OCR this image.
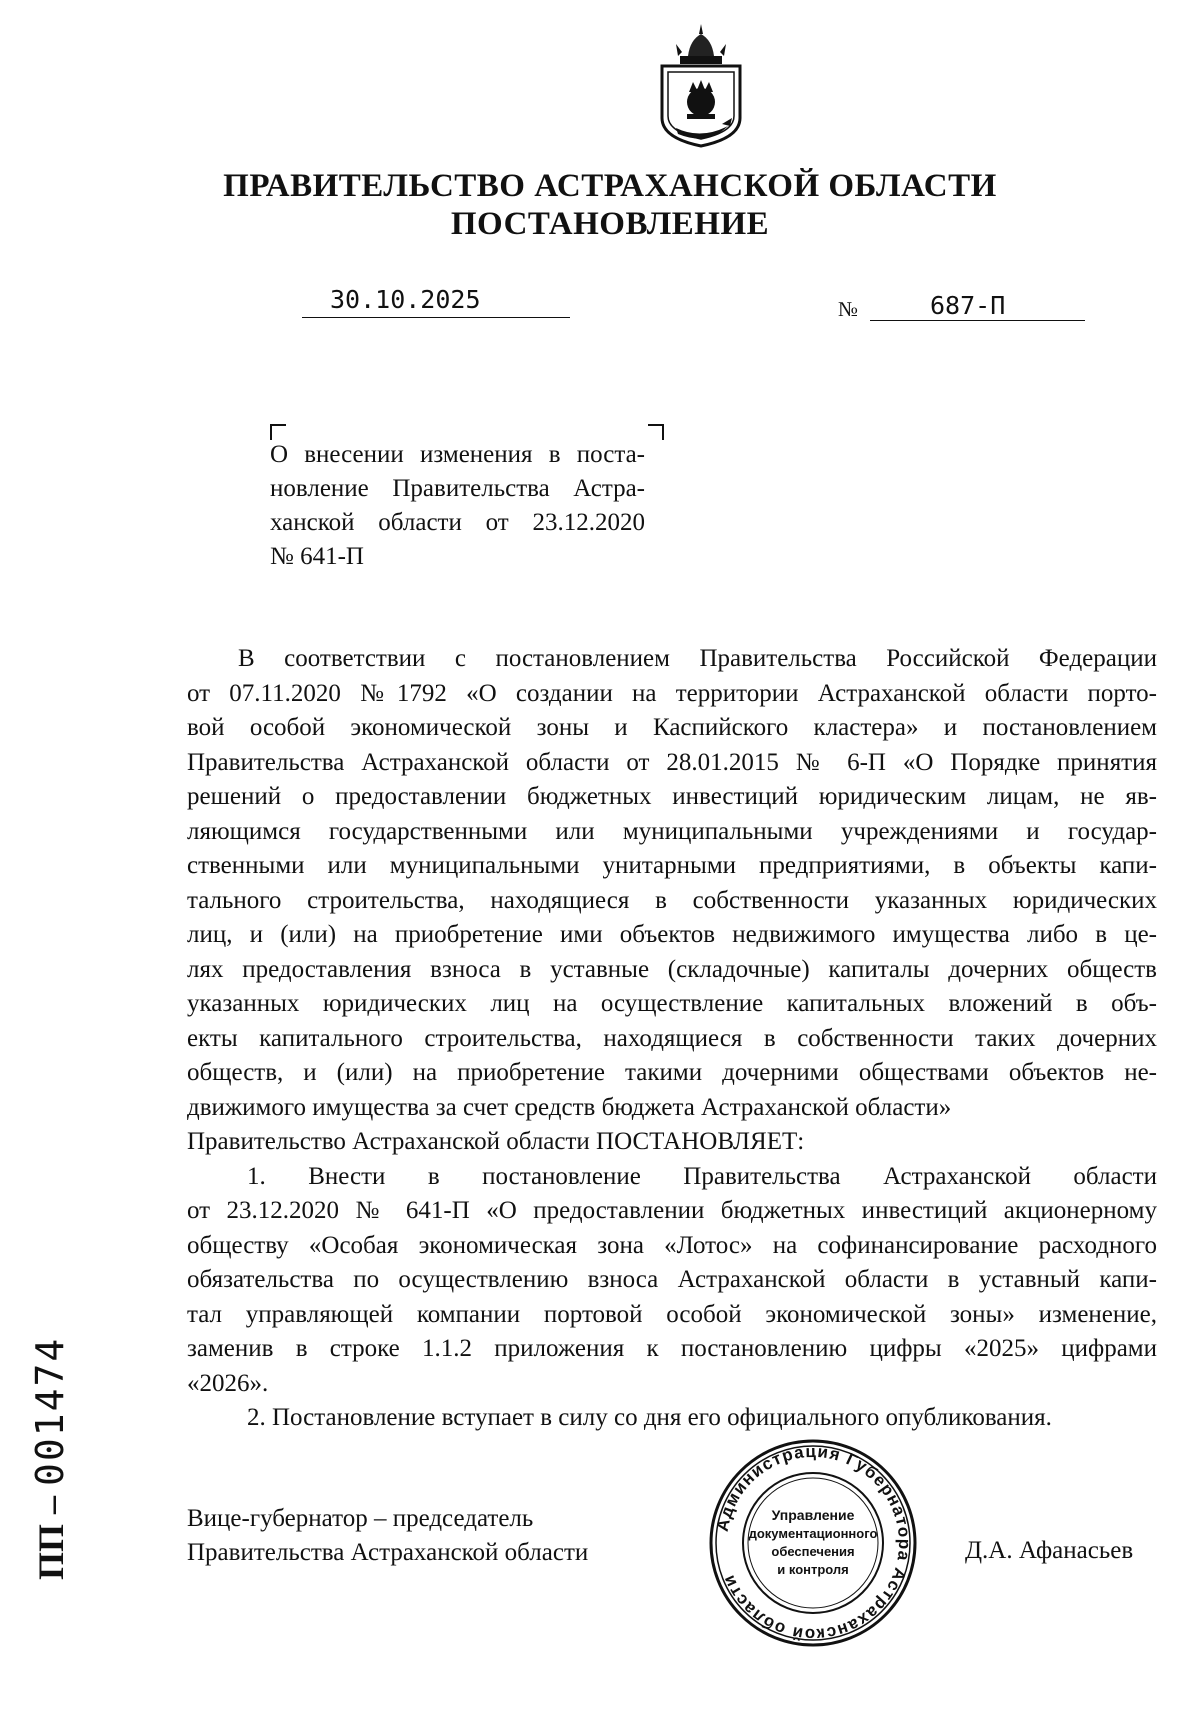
ПРАВИТЕЛЬСТВО АСТРАХАНСКОЙ ОБЛАСТИ
ПОСТАНОВЛЕНИЕ
30.10.2025	№	687-П
О внесении изменения в поста-
новление Правительства Астра-
ханской области от 23.12.2020
№ 641-П
В соответствии с постановлением Правительства Российской Федерации
от 07.11.2020 №1792 «О создании на территории Астраханской области порто-
вой особой экономической зоны и Каспийского кластера» и постановлением
Правительства Астраханской области от 28.01.2015 № 6-П «О Порядке принятия
решений о предоставлении бюджетных инвестиций юридическим лицам, не яв-
ляющимся государственными или муниципальными учреждениями и государ-
ственными или муниципальными унитарными предприятиями, в объекты капи-
тального строительства, находящиеся в собственности указанных юридических
лиц, и (или) на приобретение ими объектов недвижимого имущества либо в це-
лях предоставления взноса в уставные (складочные) капиталы дочерних обществ
указанных юридических лиц на осуществление капитальных вложений в объ-
екты капитального строительства, находящиеся в собственности таких дочерних
обществ, и (или) на приобретение такими дочерними обществами объектов не-
движимого имущества за счет средств бюджета Астраханской области»
Правительство Астраханской области ПОСТАНОВЛЯЕТ:
1. Внести в постановление Правительства Астраханской области
от 23.12.2020 № 641-П «О предоставлении бюджетных инвестиций акционерному
обществу «Особая экономическая зона «Лотос» на софинансирование расходного
обязательства по осуществлению взноса Астраханской области в уставный капи-
тал управляющей компании портовой особой экономической зоны» изменение,
заменив в строке 1.1.2 приложения к постановлению цифры «2025» цифрами
«2026».
2. Постановление вступает в силу со дня его официального опубликования.
Вице-губернатор – председатель
Правительства Астраханской области	Д.А. Афанасьев
Администрация Губернатора Астраханской области
Управление
документационного
обеспечения
и контроля
ПП–001474
